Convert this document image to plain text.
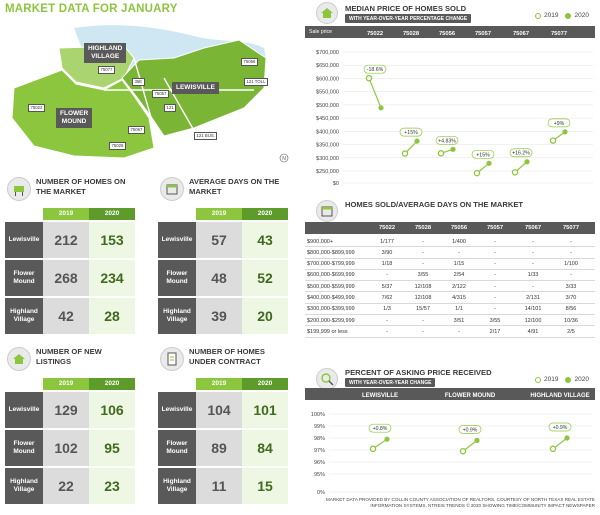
MARKET DATA FOR JANUARY
N
HIGHLAND
VILLAGE
LEWISVILLE
FLOWER
MOUND
75077
75022
75028
75067
75056
75057
35E
121
121 BUS.
121 TOLL
NUMBER OF HOMES ON THE MARKET
2019	2020
Lewisville	212	153
Flower Mound	268	234
Highland Village	42	28
AVERAGE DAYS ON THE MARKET
2019	2020
Lewisville	57	43
Flower Mound	48	52
Highland Village	39	20
NUMBER OF NEW LISTINGS
2019	2020
Lewisville	129	106
Flower Mound	102	95
Highland Village	22	23
NUMBER OF HOMES UNDER CONTRACT
2019	2020
Lewisville	104	101
Flower Mound	89	84
Highland Village	11	15
MEDIAN PRICE OF HOMES SOLD
WITH YEAR-OVER-YEAR PERCENTAGE CHANGE	2019 2020
Sale price	75022	75028	75056	75057	75067	75077
$700,000
$650,000
$600,000
$550,000
$500,000
$450,000
$400,000
$350,000
$300,000
$250,000
$0
-18.6%
+15%
+4.83%
+15%	+16.2%
+9%
HOMES SOLD/AVERAGE DAYS ON THE MARKET
75022	75028	75056	75057	75067	75077
$900,000+	1/177	-	1/400	-	-	-
$800,000-$899,999	3/90	-	-	-	-	-
$700,000-$799,999	1/18	-	1/15	-	-	1/100
$600,000-$699,999	-	3/55	2/54	-	1/33	-
$500,000-$599,999	5/37	12/108	2/122	-	-	3/33
$400,000-$499,999	7/62	12/108	4/315	-	2/131	3/70
$300,000-$399,999	1/3	15/57	1/1	-	14/101	8/56
$200,000-$299,999	-	-	3/51	3/55	12/100	10/36
$199,999 or less	-	-	-	2/17	4/91	2/5
PERCENT OF ASKING PRICE RECEIVED
WITH YEAR-OVER-YEAR CHANGE	2019 2020
LEWISVILLE	FLOWER MOUND	HIGHLAND VILLAGE
100%
99%
98%
97%
96%
95%
0%
+0.8%	+0.9%	+0.9%
MARKET DATA PROVIDED BY COLLIN COUNTY ASSOCIATION OF REALTORS, COURTESY OF NORTH TEXAS REAL ESTATE INFORMATION SYSTEMS, NTREIS TRENDS © 2020 SHOWING TIME/COMMUNITY IMPACT NEWSPAPER
